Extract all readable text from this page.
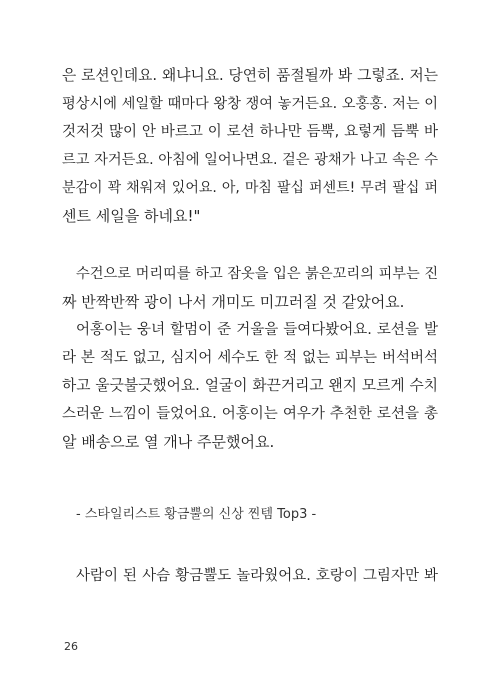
은 로션인데요. 왜냐니요. 당연히 품절될까 봐 그렇죠. 저는
평상시에 세일할 때마다 왕창 쟁여 놓거든요. 오홍홍. 저는 이
것저것 많이 안 바르고 이 로션 하나만 듬뿍, 요렇게 듬뿍 바
르고 자거든요. 아침에 일어나면요. 겉은 광채가 나고 속은 수
분감이 꽉 채워져 있어요. 아, 마침 팔십 퍼센트! 무려 팔십 퍼
센트 세일을 하네요!"
수건으로 머리띠를 하고 잠옷을 입은 붉은꼬리의 피부는 진
짜 반짝반짝 광이 나서 개미도 미끄러질 것 같았어요.
어홍이는 웅녀 할멈이 준 거울을 들여다봤어요. 로션을 발
라 본 적도 없고, 심지어 세수도 한 적 없는 피부는 버석버석
하고 울긋불긋했어요. 얼굴이 화끈거리고 왠지 모르게 수치
스러운 느낌이 들었어요. 어홍이는 여우가 추천한 로션을 총
알 배송으로 열 개나 주문했어요.
- 스타일리스트 황금뿔의 신상 찐템 Top3 -
사람이 된 사슴 황금뿔도 놀라웠어요. 호랑이 그림자만 봐
26
